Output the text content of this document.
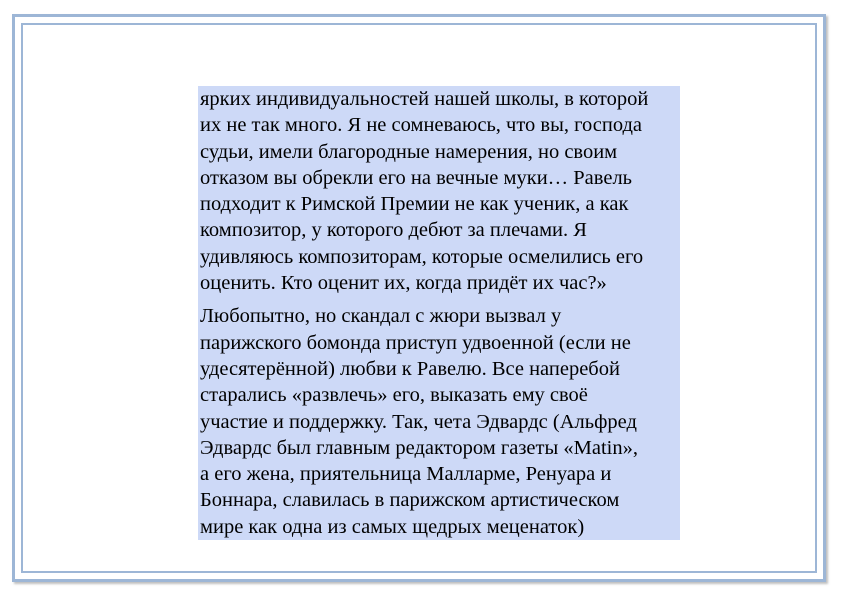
ярких индивидуальностей нашей школы, в которой
их не так много. Я не сомневаюсь, что вы, господа
судьи, имели благородные намерения, но своим
отказом вы обрекли его на вечные муки… Равель
подходит к Римской Премии не как ученик, а как
композитор, у которого дебют за плечами. Я
удивляюсь композиторам, которые осмелились его
оценить. Кто оценит их, когда придёт их час?»

Любопытно, но скандал с жюри вызвал у
парижского бомонда приступ удвоенной (если не
удесятерённой) любви к Равелю. Все наперебой
старались «развлечь» его, выказать ему своё
участие и поддержку. Так, чета Эдвардс (Альфред
Эдвардс был главным редактором газеты «Matin»,
а его жена, приятельница Малларме, Ренуара и
Боннара, славилась в парижском артистическом
мире как одна из самых щедрых меценаток)
